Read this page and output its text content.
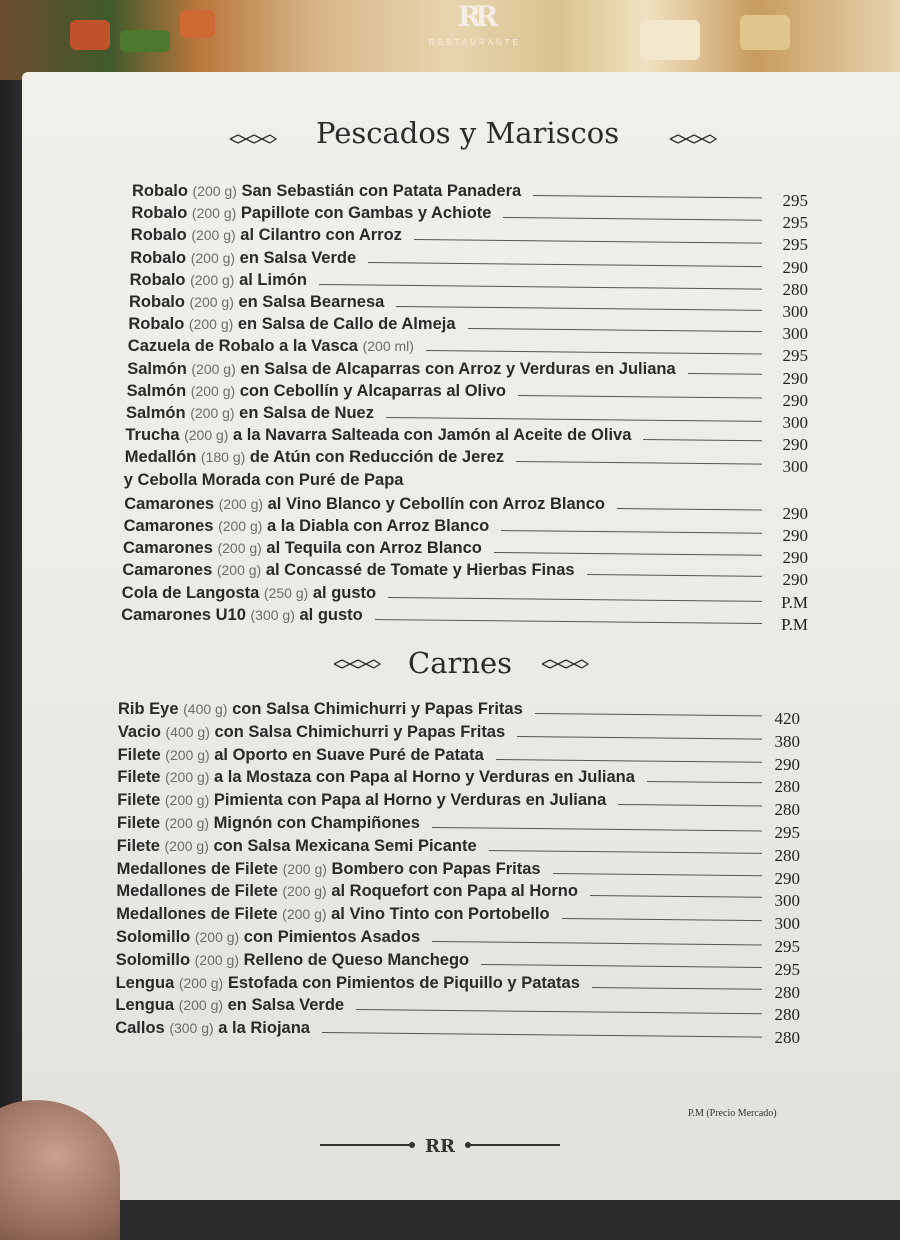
RR
RESTAURANTE
Pescados y Mariscos
Robalo (200 g) San Sebastián con Patata Panadera	295
Robalo (200 g) Papillote con Gambas y Achiote	295
Robalo (200 g) al Cilantro con Arroz	295
Robalo (200 g) en Salsa Verde	290
Robalo (200 g) al Limón	280
Robalo (200 g) en Salsa Bearnesa	300
Robalo (200 g) en Salsa de Callo de Almeja	300
Cazuela de Robalo a la Vasca (200 ml)	295
Salmón (200 g) en Salsa de Alcaparras con Arroz y Verduras en Juliana	290
Salmón (200 g) con Cebollín y Alcaparras al Olivo	290
Salmón (200 g) en Salsa de Nuez	300
Trucha (200 g) a la Navarra Salteada con Jamón al Aceite de Oliva	290
Medallón (180 g) de Atún con Reducción de Jerez	300
y Cebolla Morada con Puré de Papa
Camarones (200 g) al Vino Blanco y Cebollín con Arroz Blanco	290
Camarones (200 g) a la Diabla con Arroz Blanco	290
Camarones (200 g) al Tequila con Arroz Blanco	290
Camarones (200 g) al Concassé de Tomate y Hierbas Finas	290
Cola de Langosta (250 g) al gusto	P.M
Camarones U10 (300 g) al gusto	P.M
Carnes
Rib Eye (400 g) con Salsa Chimichurri y Papas Fritas	420
Vacio (400 g) con Salsa Chimichurri y Papas Fritas	380
Filete (200 g) al Oporto en Suave Puré de Patata	290
Filete (200 g) a la Mostaza con Papa al Horno y Verduras en Juliana	280
Filete (200 g) Pimienta con Papa al Horno y Verduras en Juliana	280
Filete (200 g) Mignón con Champiñones	295
Filete (200 g) con Salsa Mexicana Semi Picante	280
Medallones de Filete (200 g) Bombero con Papas Fritas	290
Medallones de Filete (200 g) al Roquefort con Papa al Horno	300
Medallones de Filete (200 g) al Vino Tinto con Portobello	300
Solomillo (200 g) con Pimientos Asados	295
Solomillo (200 g) Relleno de Queso Manchego	295
Lengua (200 g) Estofada con Pimientos de Piquillo y Patatas	280
Lengua (200 g) en Salsa Verde	280
Callos (300 g) a la Riojana	280
P.M (Precio Mercado)
RR
